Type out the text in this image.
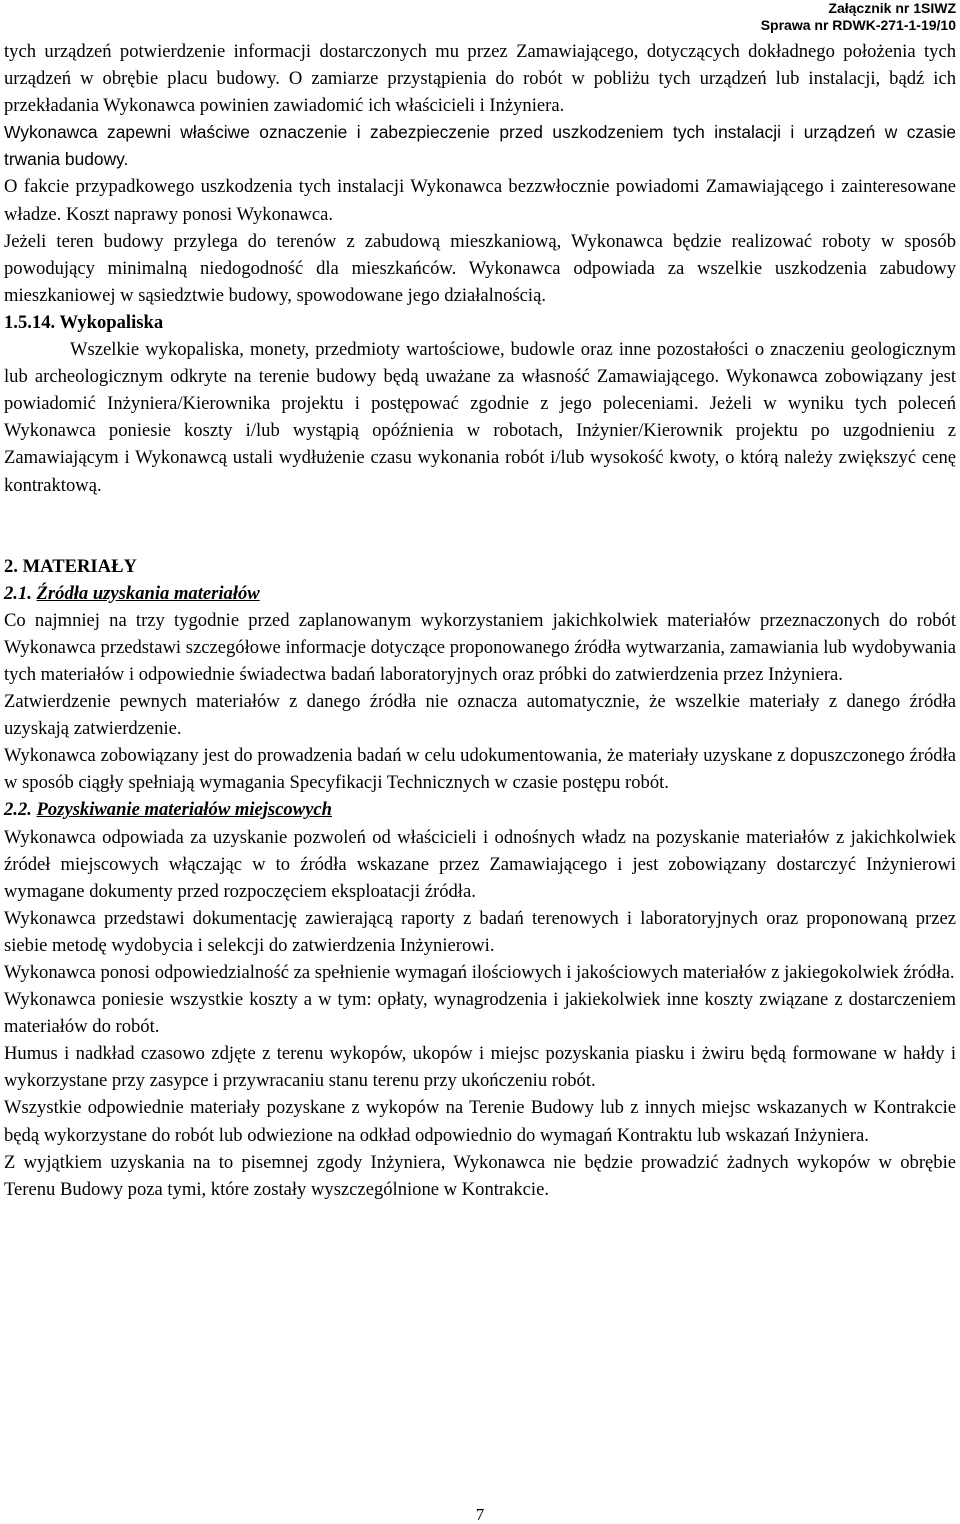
Załącznik nr 1SIWZ
Sprawa nr RDWK-271-1-19/10

tych urządzeń potwierdzenie informacji dostarczonych mu przez Zamawiającego, dotyczących dokładnego położenia tych urządzeń w obrębie placu budowy. O zamiarze przystąpienia do robót w pobliżu tych urządzeń lub instalacji, bądź ich przekładania Wykonawca powinien zawiadomić ich właścicieli i Inżyniera.

Wykonawca zapewni właściwe oznaczenie i zabezpieczenie przed uszkodzeniem tych instalacji i urządzeń w czasie trwania budowy.

O fakcie przypadkowego uszkodzenia tych instalacji Wykonawca bezzwłocznie powiadomi Zamawiającego i zainteresowane władze. Koszt naprawy ponosi Wykonawca.

Jeżeli teren budowy przylega do terenów z zabudową mieszkaniową, Wykonawca będzie realizować roboty w sposób powodujący minimalną niedogodność dla mieszkańców. Wykonawca odpowiada za wszelkie uszkodzenia zabudowy mieszkaniowej w sąsiedztwie budowy, spowodowane jego działalnością.

1.5.14. Wykopaliska

Wszelkie wykopaliska, monety, przedmioty wartościowe, budowle oraz inne pozostałości o znaczeniu geologicznym lub archeologicznym odkryte na terenie budowy będą uważane za własność Zamawiającego. Wykonawca zobowiązany jest powiadomić Inżyniera/Kierownika projektu i postępować zgodnie z jego poleceniami. Jeżeli w wyniku tych poleceń Wykonawca poniesie koszty i/lub wystąpią opóźnienia w robotach, Inżynier/Kierownik projektu po uzgodnieniu z Zamawiającym i Wykonawcą ustali wydłużenie czasu wykonania robót i/lub wysokość kwoty, o którą należy zwiększyć cenę kontraktową.

2. MATERIAŁY

2.1. Źródła uzyskania materiałów

Co najmniej na trzy tygodnie przed zaplanowanym wykorzystaniem jakichkolwiek materiałów przeznaczonych do robót Wykonawca przedstawi szczegółowe informacje dotyczące proponowanego źródła wytwarzania, zamawiania lub wydobywania tych materiałów i odpowiednie świadectwa badań laboratoryjnych oraz próbki do zatwierdzenia przez Inżyniera.

Zatwierdzenie pewnych materiałów z danego źródła nie oznacza automatycznie, że wszelkie materiały z danego źródła uzyskają zatwierdzenie.

Wykonawca zobowiązany jest do prowadzenia badań w celu udokumentowania, że materiały uzyskane z dopuszczonego źródła w sposób ciągły spełniają wymagania Specyfikacji Technicznych w czasie postępu robót.

2.2. Pozyskiwanie materiałów miejscowych

Wykonawca odpowiada za uzyskanie pozwoleń od właścicieli i odnośnych władz na pozyskanie materiałów z jakichkolwiek źródeł miejscowych włączając w to źródła wskazane przez Zamawiającego i jest zobowiązany dostarczyć Inżynierowi wymagane dokumenty przed rozpoczęciem eksploatacji źródła.

Wykonawca przedstawi dokumentację zawierającą raporty z badań terenowych i laboratoryjnych oraz proponowaną przez siebie metodę wydobycia i selekcji do zatwierdzenia Inżynierowi.

Wykonawca ponosi odpowiedzialność za spełnienie wymagań ilościowych i jakościowych materiałów z jakiegokolwiek źródła.

Wykonawca poniesie wszystkie koszty a w tym: opłaty, wynagrodzenia i jakiekolwiek inne koszty związane z dostarczeniem materiałów do robót.

Humus i nadkład czasowo zdjęte z terenu wykopów, ukopów i miejsc pozyskania piasku i żwiru będą formowane w hałdy i wykorzystane przy zasypce i przywracaniu stanu terenu przy ukończeniu robót.

Wszystkie odpowiednie materiały pozyskane z wykopów na Terenie Budowy lub z innych miejsc wskazanych w Kontrakcie będą wykorzystane do robót lub odwiezione na odkład odpowiednio do wymagań Kontraktu lub wskazań Inżyniera.

Z wyjątkiem uzyskania na to pisemnej zgody Inżyniera, Wykonawca nie będzie prowadzić żadnych wykopów w obrębie Terenu Budowy poza tymi, które zostały wyszczególnione w Kontrakcie.

7
